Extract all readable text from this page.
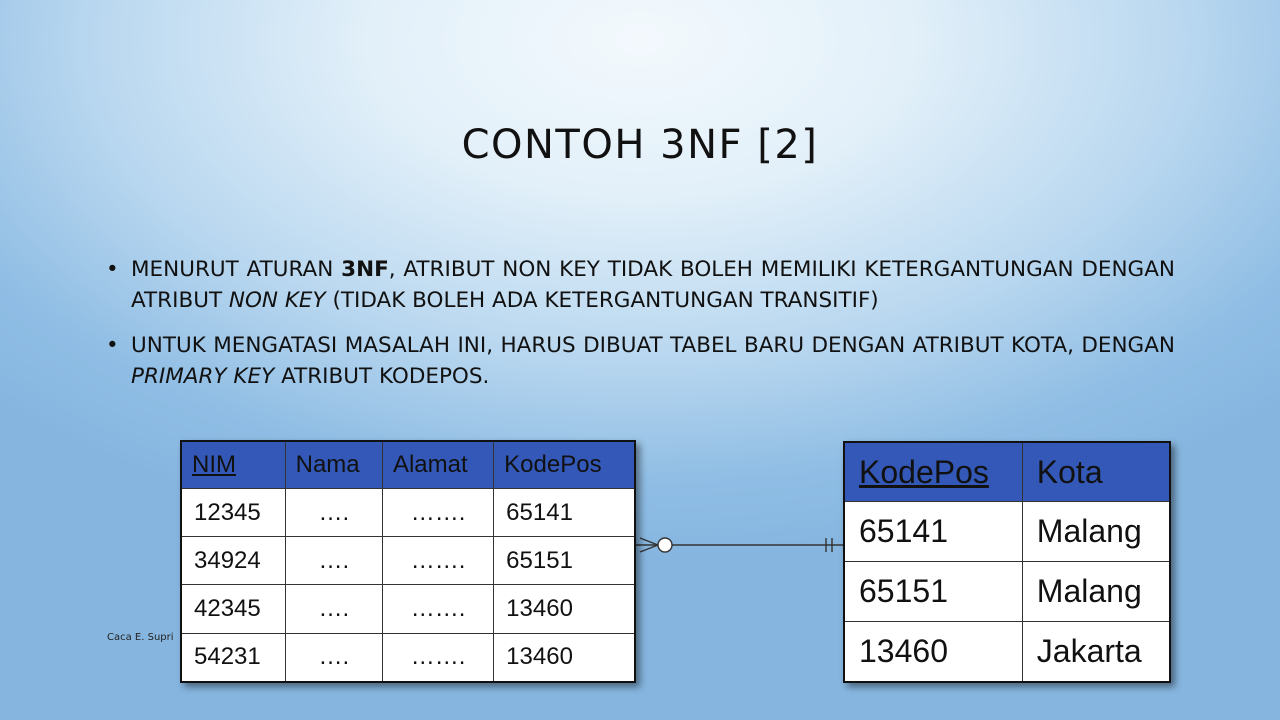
CONTOH 3NF [2]
• MENURUT ATURAN 3NF, ATRIBUT NON KEY TIDAK BOLEH MEMILIKI KETERGANTUNGAN DENGAN ATRIBUT NON KEY (TIDAK BOLEH ADA KETERGANTUNGAN TRANSITIF)
• UNTUK MENGATASI MASALAH INI, HARUS DIBUAT TABEL BARU DENGAN ATRIBUT KOTA, DENGAN PRIMARY KEY ATRIBUT KODEPOS.
Caca E. Supri
NIM	Nama	Alamat	KodePos
12345	….	…….	65141
34924	….	…….	65151
42345	….	…….	13460
54231	….	…….	13460
KodePos	Kota
65141	Malang
65151	Malang
13460	Jakarta
